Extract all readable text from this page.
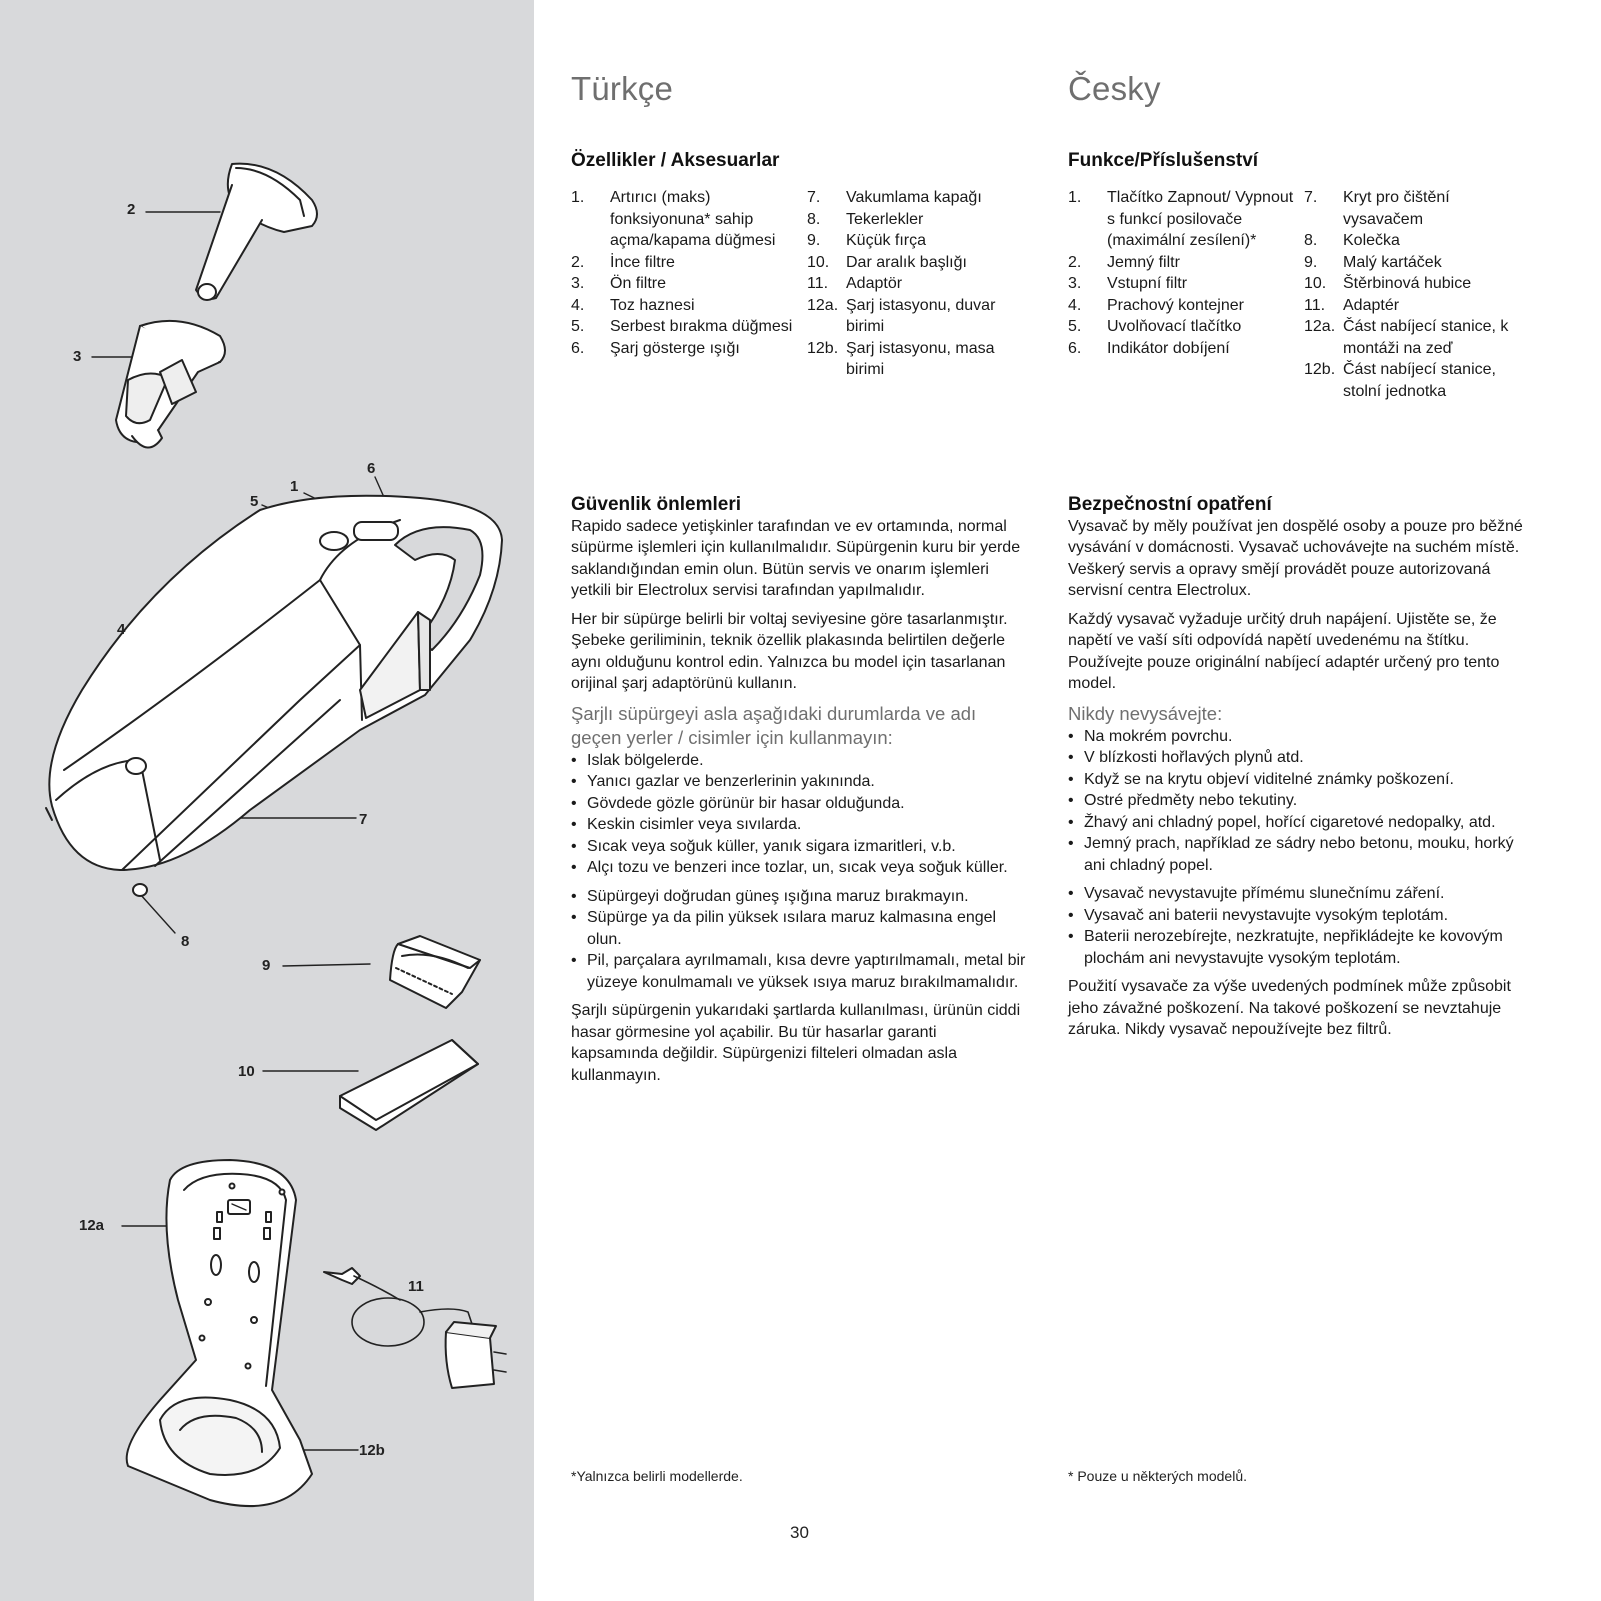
2
3
1
6
5
4
7
8
9
10
11
12a
12b
Türkçe
Özellikler / Aksesuarlar
1.	Artırıcı (maks) fonksiyonuna* sahip açma/kapama düğmesi
2.	İnce filtre
3.	Ön filtre
4.	Toz haznesi
5.	Serbest bırakma düğmesi
6.	Şarj gösterge ışığı
7.	Vakumlama kapağı
8.	Tekerlekler
9.	Küçük fırça
10.	Dar aralık başlığı
11.	Adaptör
12a. Şarj istasyonu, duvar birimi
12b. Şarj istasyonu, masa birimi
Güvenlik önlemleri

Rapido sadece yetişkinler tarafından ve ev ortamında, normal süpürme işlemleri için kullanılmalıdır. Süpürgenin kuru bir yerde saklandığından emin olun. Bütün servis ve onarım işlemleri yetkili bir Electrolux servisi tarafından yapılmalıdır.

Her bir süpürge belirli bir voltaj seviyesine göre tasarlanmıştır. Şebeke geriliminin, teknik özellik plakasında belirtilen değerle aynı olduğunu kontrol edin. Yalnızca bu model için tasarlanan orijinal şarj adaptörünü kullanın.

Şarjlı süpürgeyi asla aşağıdaki durumlarda ve adı geçen yerler / cisimler için kullanmayın:

• Islak bölgelerde.
• Yanıcı gazlar ve benzerlerinin yakınında.
• Gövdede gözle görünür bir hasar olduğunda.
• Keskin cisimler veya sıvılarda.
• Sıcak veya soğuk küller, yanık sigara izmaritleri, v.b.
• Alçı tozu ve benzeri ince tozlar, un, sıcak veya soğuk küller.
• Süpürgeyi doğrudan güneş ışığına maruz bırakmayın.
• Süpürge ya da pilin yüksek ısılara maruz kalmasına engel olun.
• Pil, parçalara ayrılmamalı, kısa devre yaptırılmamalı, metal bir yüzeye konulmamalı ve yüksek ısıya maruz bırakılmamalıdır.

Şarjlı süpürgenin yukarıdaki şartlarda kullanılması, ürünün ciddi hasar görmesine yol açabilir. Bu tür hasarlar garanti kapsamında değildir. Süpürgenizi filteleri olmadan asla kullanmayın.

*Yalnızca belirli modellerde.
Česky
Funkce/Příslušenství
1.	Tlačítko Zapnout/ Vypnout s funkcí posilovače (maximální zesílení)*
2.	Jemný filtr
3.	Vstupní filtr
4.	Prachový kontejner
5.	Uvolňovací tlačítko
6.	Indikátor dobíjení
7.	Kryt pro čištění vysavačem
8.	Kolečka
9.	Malý kartáček
10.	Štěrbinová hubice
11.	Adaptér
12a. Část nabíjecí stanice, k montáži na zeď
12b. Část nabíjecí stanice, stolní jednotka
Bezpečnostní opatření

Vysavač by měly používat jen dospělé osoby a pouze pro běžné vysávání v domácnosti. Vysavač uchovávejte na suchém místě. Veškerý servis a opravy smějí provádět pouze autorizovaná servisní centra Electrolux.

Každý vysavač vyžaduje určitý druh napájení. Ujistěte se, že napětí ve vaší síti odpovídá napětí uvedenému na štítku. Používejte pouze originální nabíjecí adaptér určený pro tento model.

Nikdy nevysávejte:

• Na mokrém povrchu.
• V blízkosti hořlavých plynů atd.
• Když se na krytu objeví viditelné známky poškození.
• Ostré předměty nebo tekutiny.
• Žhavý ani chladný popel, hořící cigaretové nedopalky, atd.
• Jemný prach, například ze sádry nebo betonu, mouku, horký ani chladný popel.
• Vysavač nevystavujte přímému slunečnímu záření.
• Vysavač ani baterii nevystavujte vysokým teplotám.
• Baterii nerozebírejte, nezkratujte, nepřikládejte ke kovovým plochám ani nevystavujte vysokým teplotám.

Použití vysavače za výše uvedených podmínek může způsobit jeho závažné poškození. Na takové poškození se nevztahuje záruka. Nikdy vysavač nepoužívejte bez filtrů.

* Pouze u některých modelů.
30
